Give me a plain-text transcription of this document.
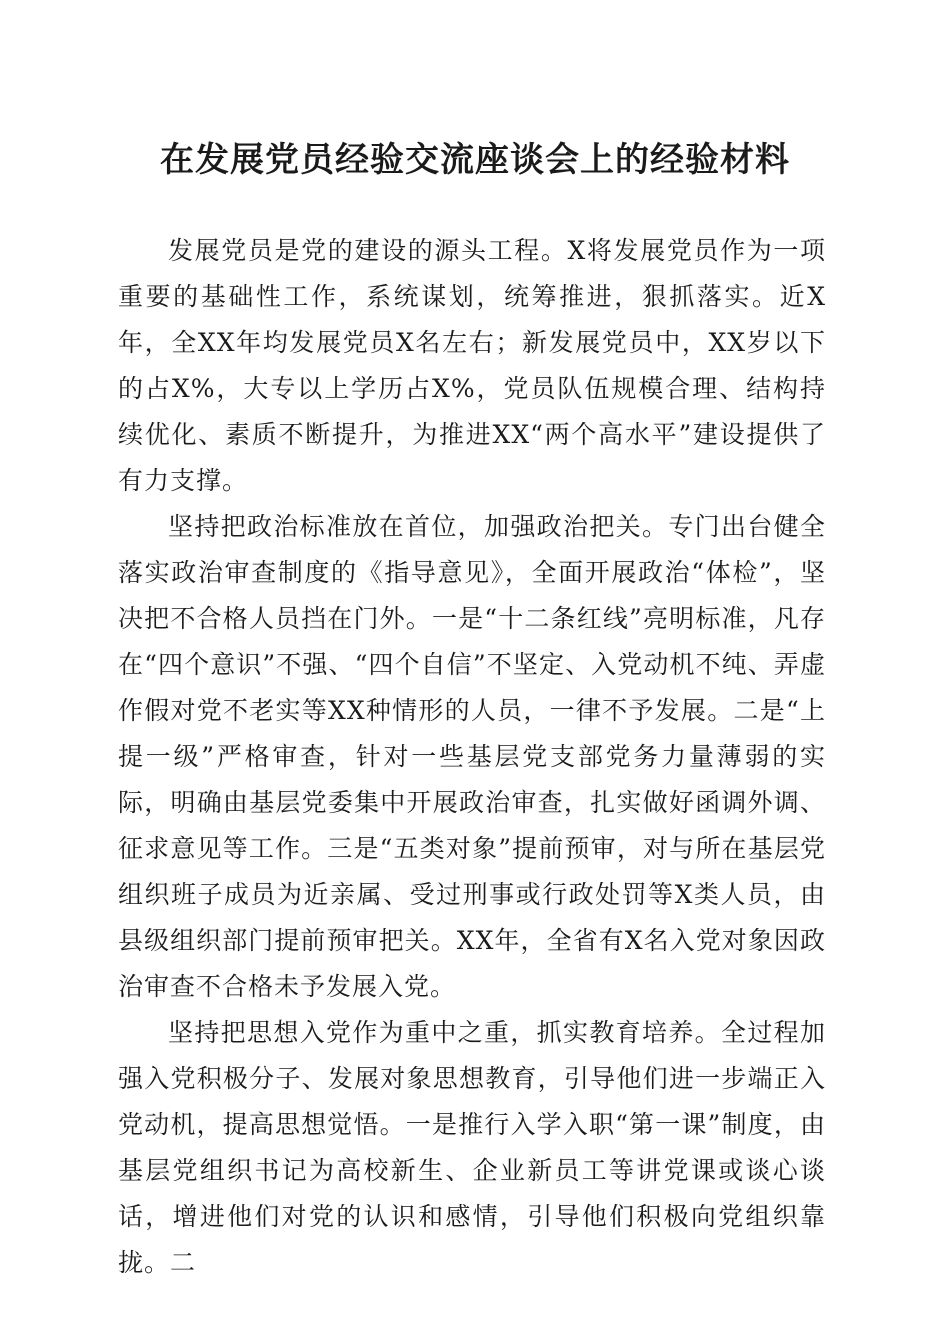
在发展党员经验交流座谈会上的经验材料

发展党员是党的建设的源头工程。X将发展党员作为一项重要的基础性工作，系统谋划，统筹推进，狠抓落实。近X年，全XX年均发展党员X名左右；新发展党员中，XX岁以下的占X%，大专以上学历占X%，党员队伍规模合理、结构持续优化、素质不断提升，为推进XX“两个高水平”建设提供了有力支撑。

坚持把政治标准放在首位，加强政治把关。专门出台健全落实政治审查制度的《指导意见》，全面开展政治“体检”，坚决把不合格人员挡在门外。一是“十二条红线”亮明标准，凡存在“四个意识”不强、“四个自信”不坚定、入党动机不纯、弄虚作假对党不老实等XX种情形的人员，一律不予发展。二是“上提一级”严格审查，针对一些基层党支部党务力量薄弱的实际，明确由基层党委集中开展政治审查，扎实做好函调外调、征求意见等工作。三是“五类对象”提前预审，对与所在基层党组织班子成员为近亲属、受过刑事或行政处罚等X类人员，由县级组织部门提前预审把关。XX年，全省有X名入党对象因政治审查不合格未予发展入党。

坚持把思想入党作为重中之重，抓实教育培养。全过程加强入党积极分子、发展对象思想教育，引导他们进一步端正入党动机，提高思想觉悟。一是推行入学入职“第一课”制度，由基层党组织书记为高校新生、企业新员工等讲党课或谈心谈话，增进他们对党的认识和感情，引导他们积极向党组织靠拢。二
